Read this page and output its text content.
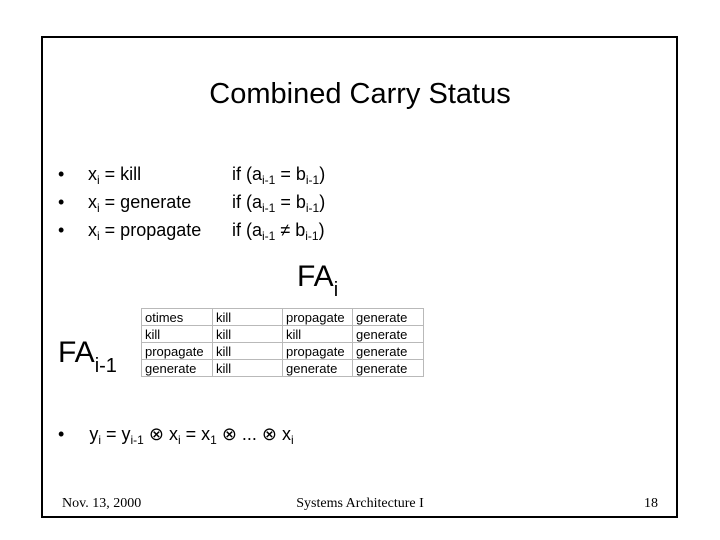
Combined Carry Status
• $x_i$ = kill	if $(a_{i-1} = b_{i-1})$
• $x_i$ = generate if $(a_{i-1} = b_{i-1})$
• $x_i$ = propagate if $(a_{i-1} \ne b_{i-1})$
$FA_i$
$FA_{i-1}$
otimes	kill	propagate	generate
kill	kill	kill	generate
propagate	kill	propagate	generate
generate	kill	generate	generate
• $y_i = y_{i-1}$ ⊗ $x_i = x_1$ ⊗ ... ⊗ $x_i$
Nov. 13, 2000	Systems Architecture I	18
